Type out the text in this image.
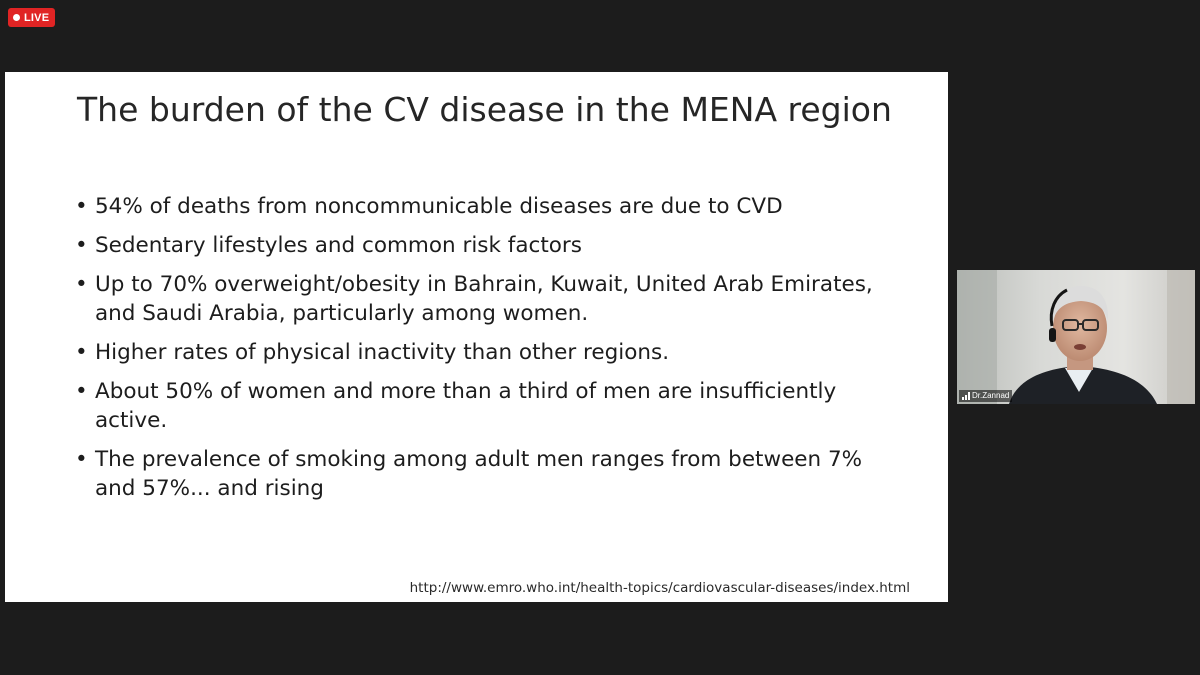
LIVE
The burden of the CV disease in the MENA region
• 54% of deaths from noncommunicable diseases are due to CVD
• Sedentary lifestyles and common risk factors
• Up to 70% overweight/obesity in Bahrain, Kuwait, United Arab Emirates, and Saudi Arabia, particularly among women.
• Higher rates of physical inactivity than other regions.
• About 50% of women and more than a third of men are insufficiently active.
• The prevalence of smoking among adult men ranges from between 7% and 57%... and rising
http://www.emro.who.int/health-topics/cardiovascular-diseases/index.html
Dr.Zannad
